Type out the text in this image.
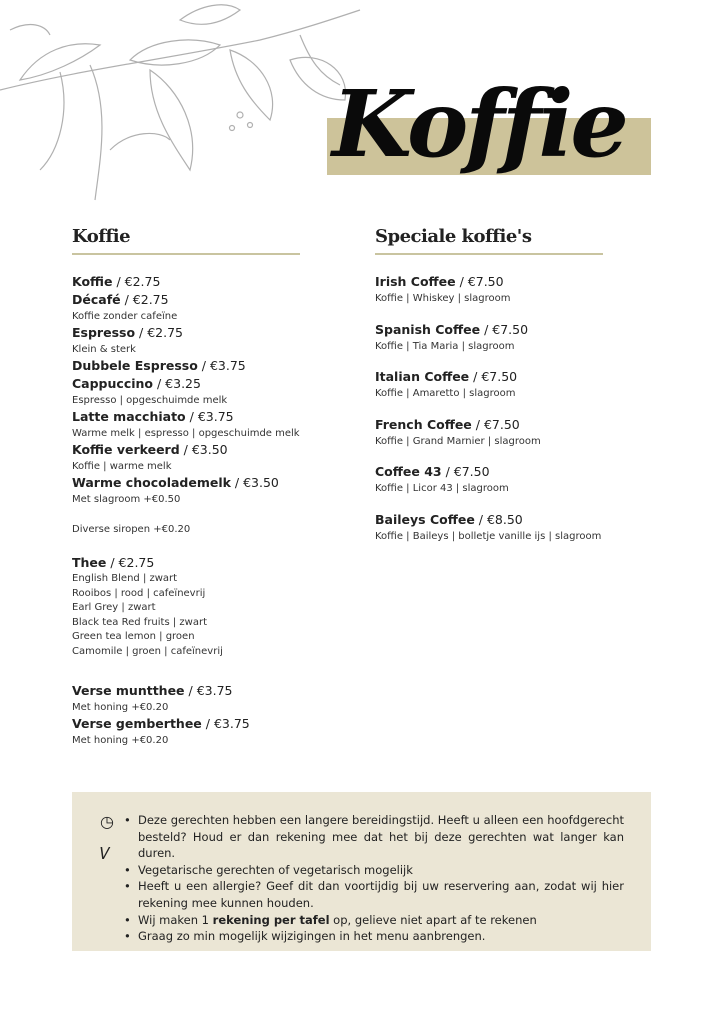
Koffie
Koffie
Koffie / €2.75
Décafé / €2.75
Koffie zonder cafeïne
Espresso / €2.75
Klein & sterk
Dubbele Espresso / €3.75
Cappuccino / €3.25
Espresso | opgeschuimde melk
Latte macchiato / €3.75
Warme melk | espresso | opgeschuimde melk
Koffie verkeerd / €3.50
Koffie | warme melk
Warme chocolademelk / €3.50
Met slagroom +€0.50
Diverse siropen +€0.20
Thee / €2.75
English Blend | zwart
Rooibos | rood | cafeïnevrij
Earl Grey | zwart
Black tea Red fruits | zwart
Green tea lemon | groen
Camomile | groen | cafeïnevrij
Verse muntthee / €3.75
Met honing +€0.20
Verse gemberthee / €3.75
Met honing +€0.20
Speciale koffie's
Irish Coffee / €7.50
Koffie | Whiskey | slagroom
Spanish Coffee / €7.50
Koffie | Tia Maria | slagroom
Italian Coffee / €7.50
Koffie | Amaretto | slagroom
French Coffee / €7.50
Koffie | Grand Marnier | slagroom
Coffee 43 / €7.50
Koffie | Licor 43 | slagroom
Baileys Coffee / €8.50
Koffie | Baileys | bolletje vanille ijs | slagroom
◷
𝑉
• Deze gerechten hebben een langere bereidingstijd. Heeft u alleen een hoofdgerecht besteld? Houd er dan rekening mee dat het bij deze gerechten wat langer kan duren.
• Vegetarische gerechten of vegetarisch mogelijk
• Heeft u een allergie? Geef dit dan voortijdig bij uw reservering aan, zodat wij hier rekening mee kunnen houden.
• Wij maken 1 rekening per tafel op, gelieve niet apart af te rekenen
• Graag zo min mogelijk wijzigingen in het menu aanbrengen.
